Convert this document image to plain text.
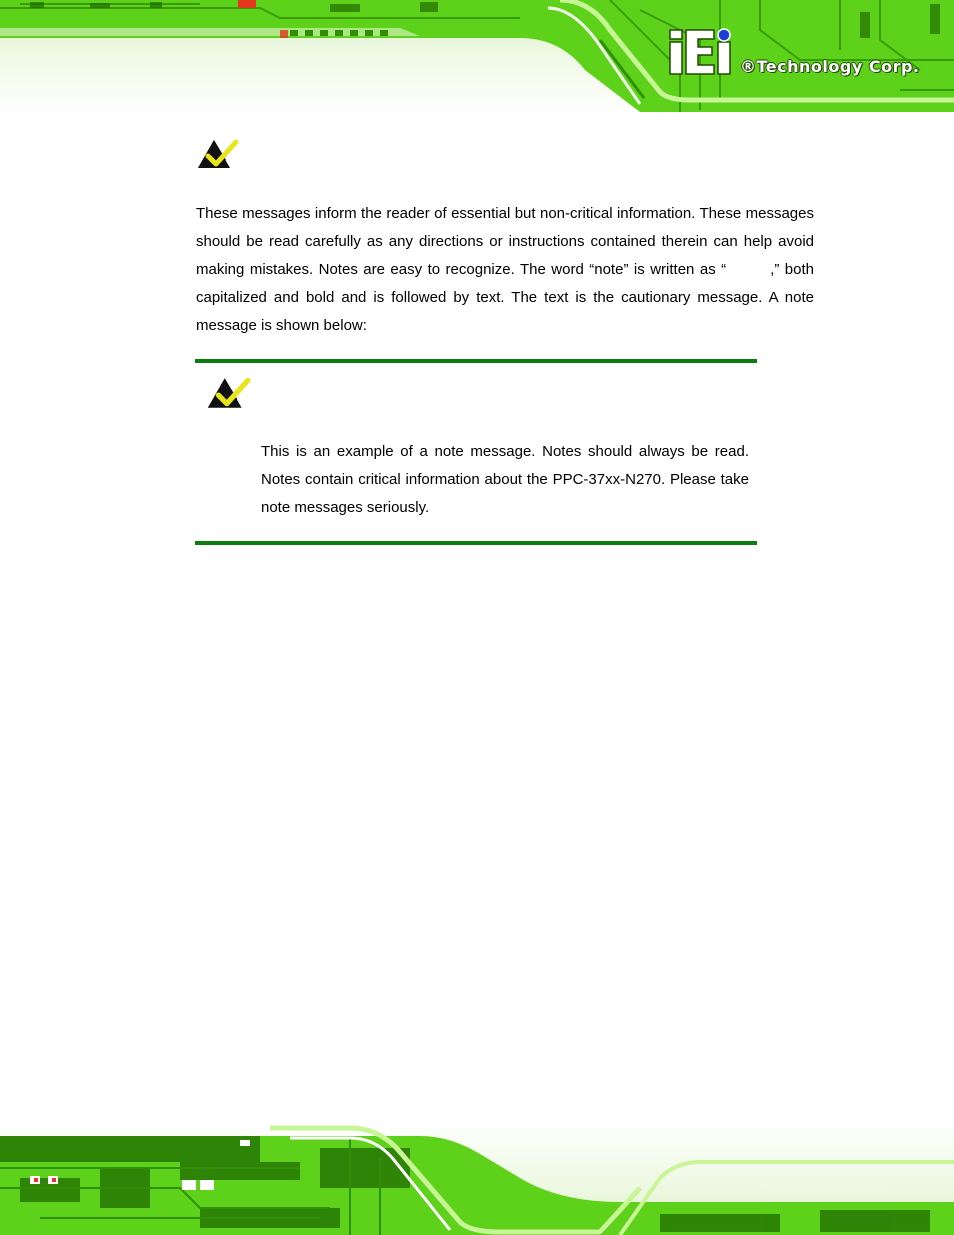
®Technology Corp.

These messages inform the reader of essential but non-critical information. These messages should be read carefully as any directions or instructions contained therein can help avoid making mistakes. Notes are easy to recognize. The word “note” is written as “	,” both capitalized and bold and is followed by text. The text is the cautionary message. A note message is shown below:

This is an example of a note message. Notes should always be read. Notes contain critical information about the PPC-37xx-N270. Please take note messages seriously.
